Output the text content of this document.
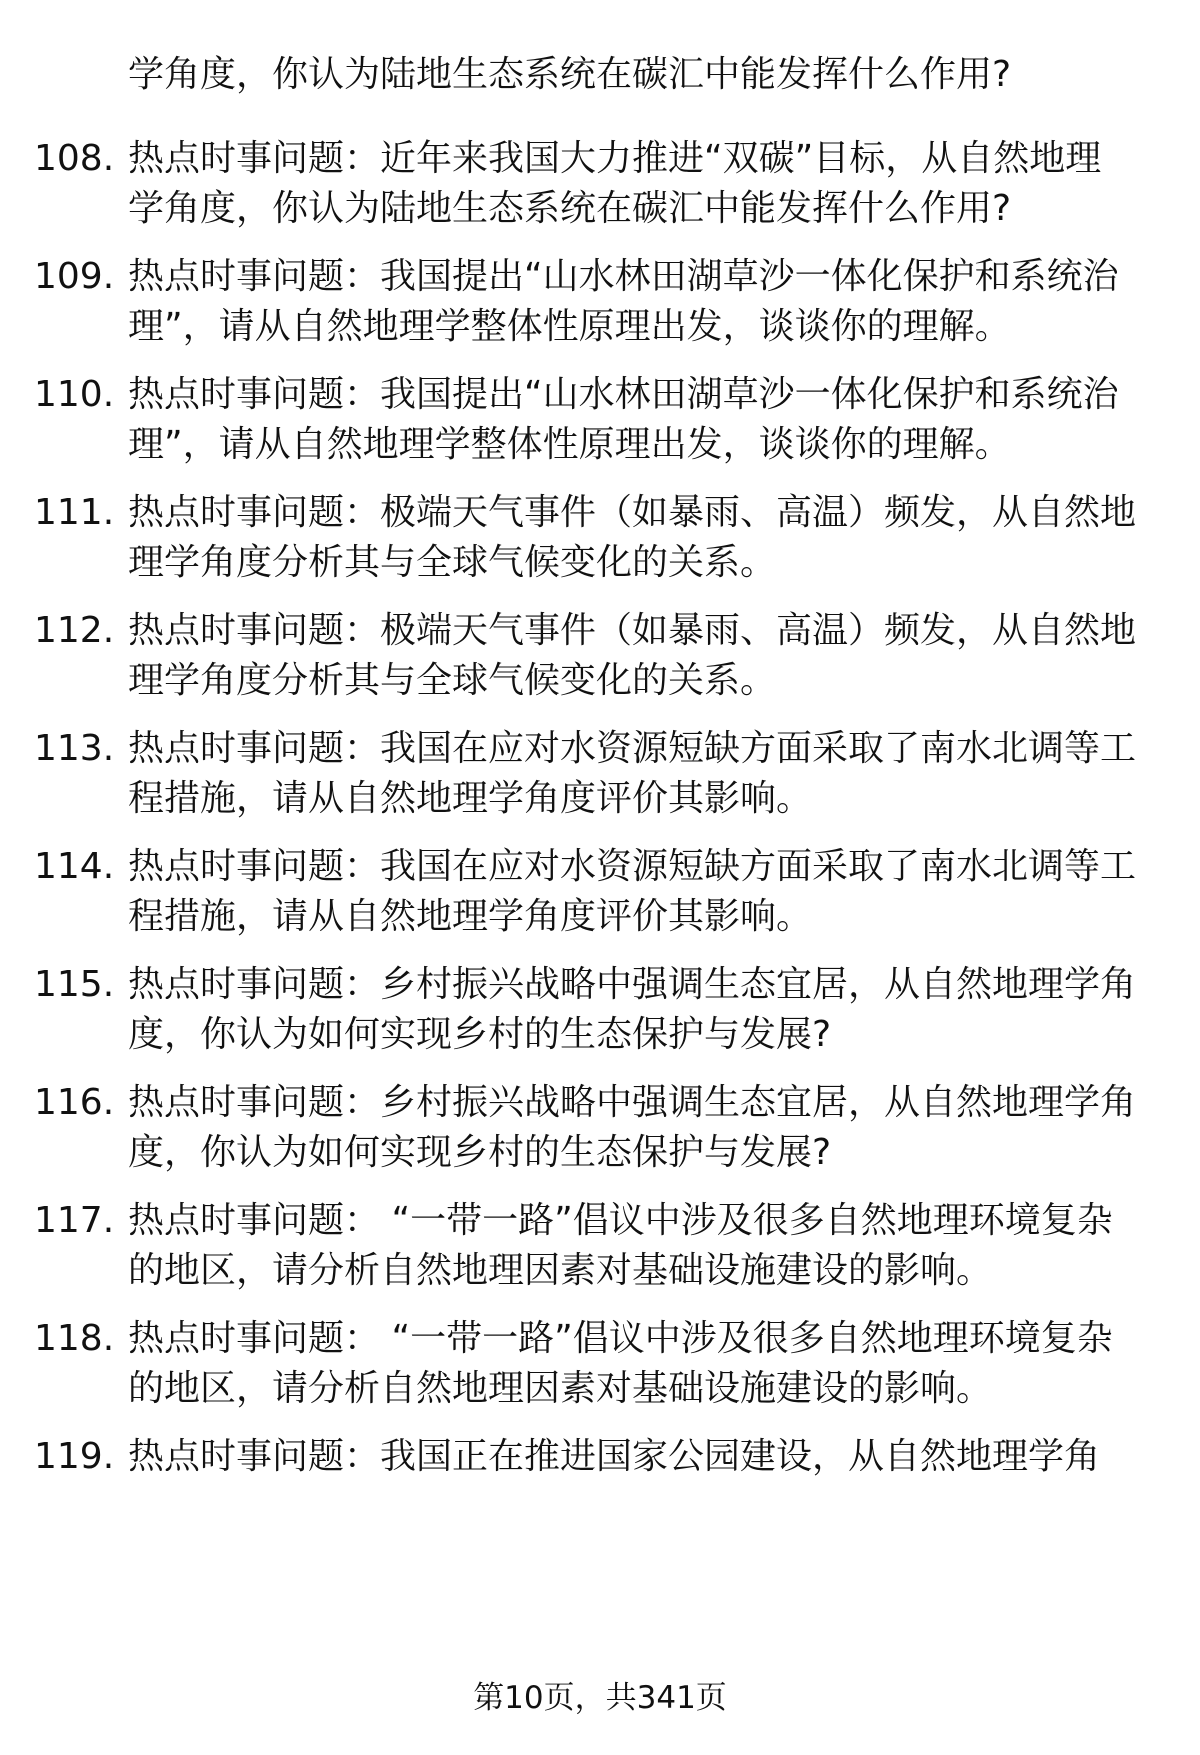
学角度，你认为陆地生态系统在碳汇中能发挥什么作用?
108. 热点时事问题：近年来我国大力推进“双碳”目标，从自然地理
学角度，你认为陆地生态系统在碳汇中能发挥什么作用?
109. 热点时事问题：我国提出“山水林田湖草沙一体化保护和系统治
理”，请从自然地理学整体性原理出发，谈谈你的理解。
110. 热点时事问题：我国提出“山水林田湖草沙一体化保护和系统治
理”，请从自然地理学整体性原理出发，谈谈你的理解。
111. 热点时事问题：极端天气事件（如暴雨、高温）频发，从自然地
理学角度分析其与全球气候变化的关系。
112. 热点时事问题：极端天气事件（如暴雨、高温）频发，从自然地
理学角度分析其与全球气候变化的关系。
113. 热点时事问题：我国在应对水资源短缺方面采取了南水北调等工
程措施，请从自然地理学角度评价其影响。
114. 热点时事问题：我国在应对水资源短缺方面采取了南水北调等工
程措施，请从自然地理学角度评价其影响。
115. 热点时事问题：乡村振兴战略中强调生态宜居，从自然地理学角
度，你认为如何实现乡村的生态保护与发展?
116. 热点时事问题：乡村振兴战略中强调生态宜居，从自然地理学角
度，你认为如何实现乡村的生态保护与发展?
117. 热点时事问题： “一带一路”倡议中涉及很多自然地理环境复杂
的地区，请分析自然地理因素对基础设施建设的影响。
118. 热点时事问题： “一带一路”倡议中涉及很多自然地理环境复杂
的地区，请分析自然地理因素对基础设施建设的影响。
119. 热点时事问题：我国正在推进国家公园建设，从自然地理学角
第10页，共341页
